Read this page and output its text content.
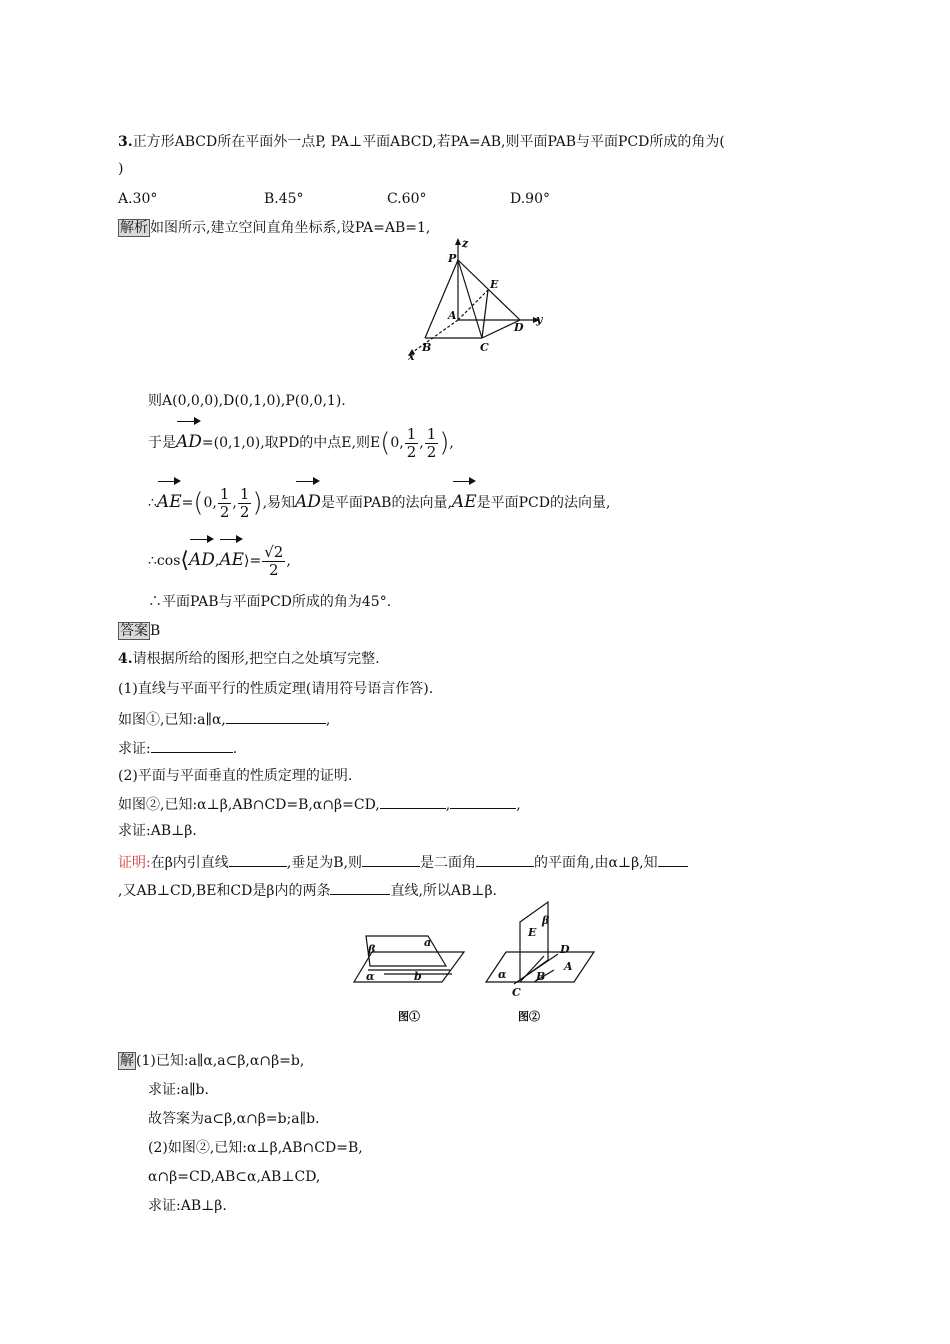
3.正方形ABCD所在平面外一点P, PA⊥平面ABCD,若PA=AB,则平面PAB与平面PCD所成的角为(
)
A.30°	B.45°	C.60°	D.90°
解析 如图所示,建立空间直角坐标系,设PA=AB=1,
z
y
x
P
E
A
D
B	C
则A(0,0,0),D(0,1,0),P(0,0,1).
于是AD=(0,1,0),取PD的中点E,则E(0, $\frac{1}{2}$ , $\frac{1}{2}$ ),
∴AE=(0, $\frac{1}{2}$ , $\frac{1}{2}$ ),易知AD是平面PAB的法向量,AE是平面PCD的法向量,
∴cos⟨AD,AE⟩= $\frac{√2}{2}$ ,
∴平面PAB与平面PCD所成的角为45°.
答案 B
4.请根据所给的图形,把空白之处填写完整.
(1)直线与平面平行的性质定理(请用符号语言作答).
如图①,已知:a∥α,	,
求证:	.
(2)平面与平面垂直的性质定理的证明.
如图②,已知:α⊥β,AB∩CD=B,α∩β=CD,	,	,
求证:AB⊥β.
证明:在β内引直线	,垂足为B,则	是二面角	的平面角,由α⊥β,知
,又AB⊥CD,BE和CD是β内的两条	直线,所以AB⊥β.
β
a
α	b
图①
β
E
D
A
α	B
C
图②
解 (1)已知:a∥α,a⊂β,α∩β=b,
求证:a∥b.
故答案为a⊂β,α∩β=b;a∥b.
(2)如图②,已知:α⊥β,AB∩CD=B,
α∩β=CD,AB⊂α,AB⊥CD,
求证:AB⊥β.
